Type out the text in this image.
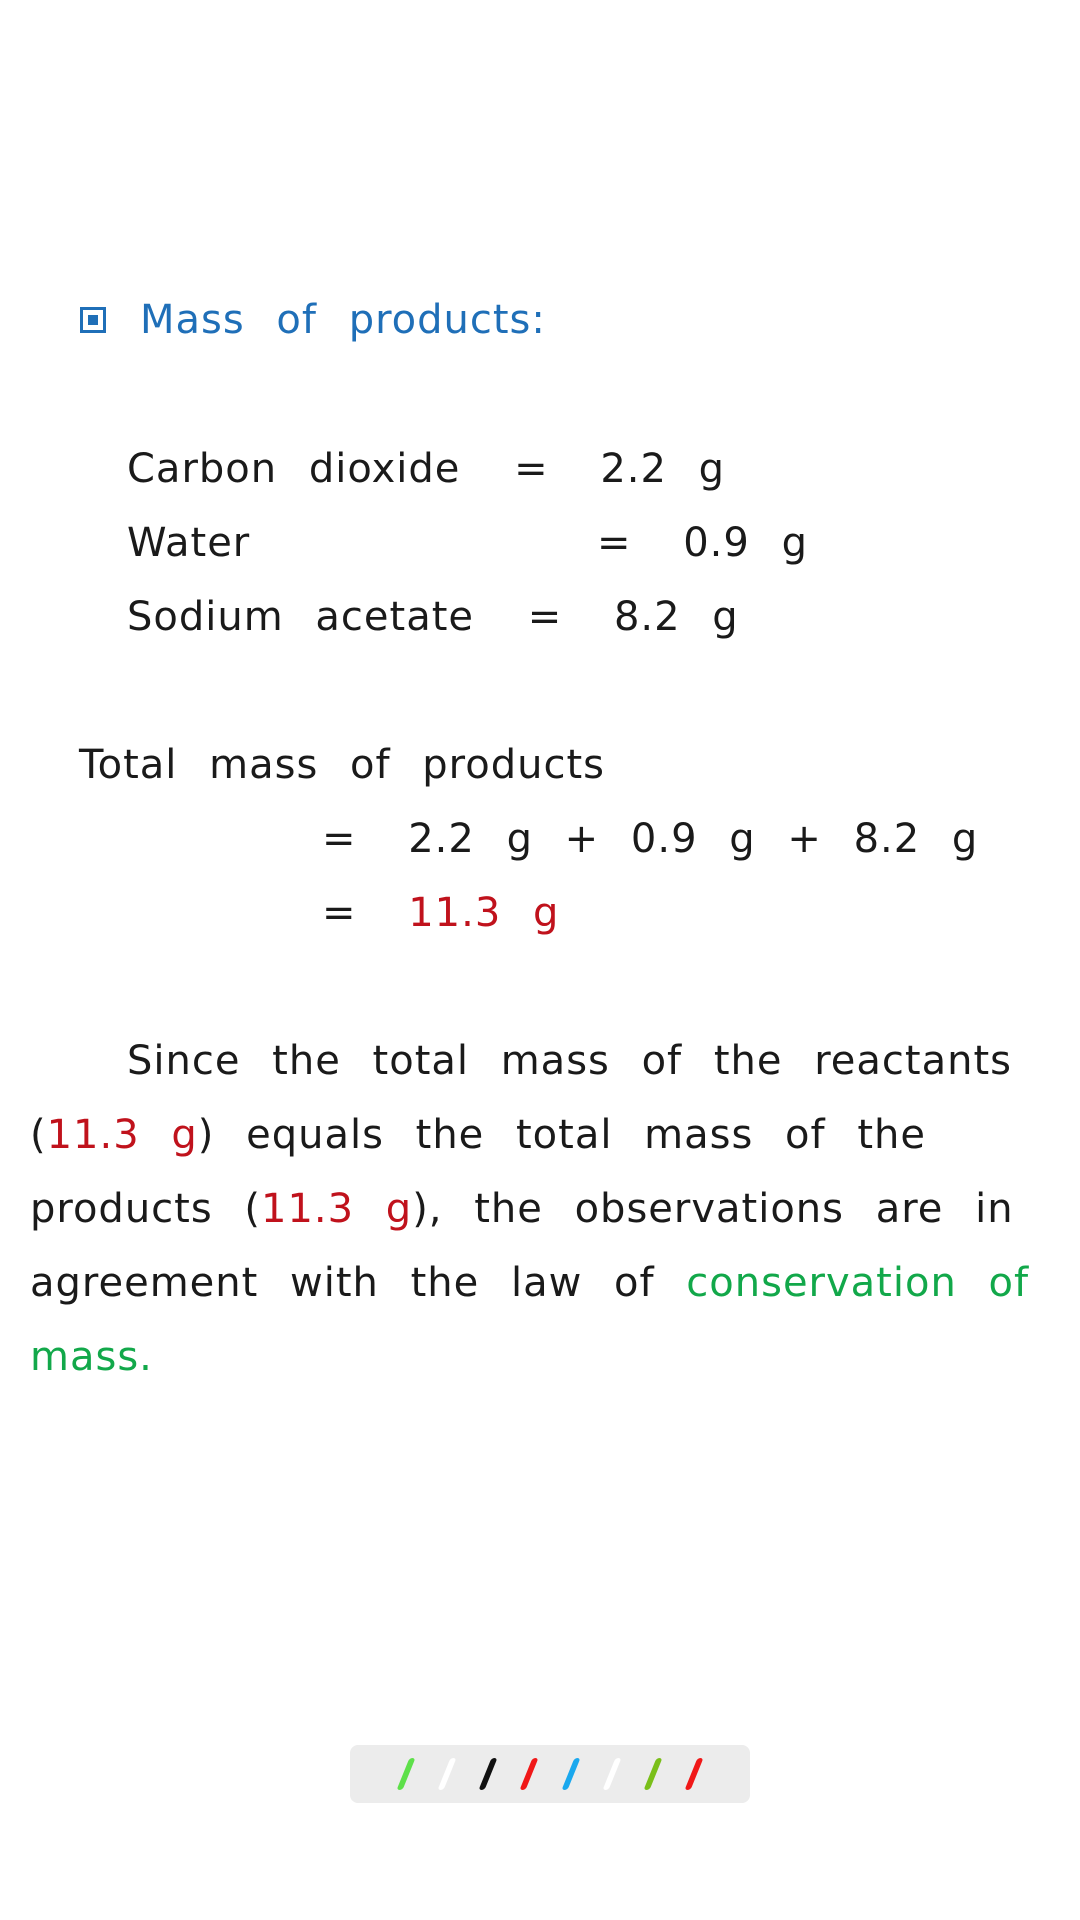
Mass of products:
Carbon dioxide = 2.2 g
Water	= 0.9 g
Sodium acetate = 8.2 g
Total mass of products
= 2.2 g + 0.9 g + 8.2 g
= 11.3 g
Since the total mass of the reactants
(11.3 g) equals the total mass of the
products (11.3 g), the observations are in
agreement with the law of conservation of
mass.
